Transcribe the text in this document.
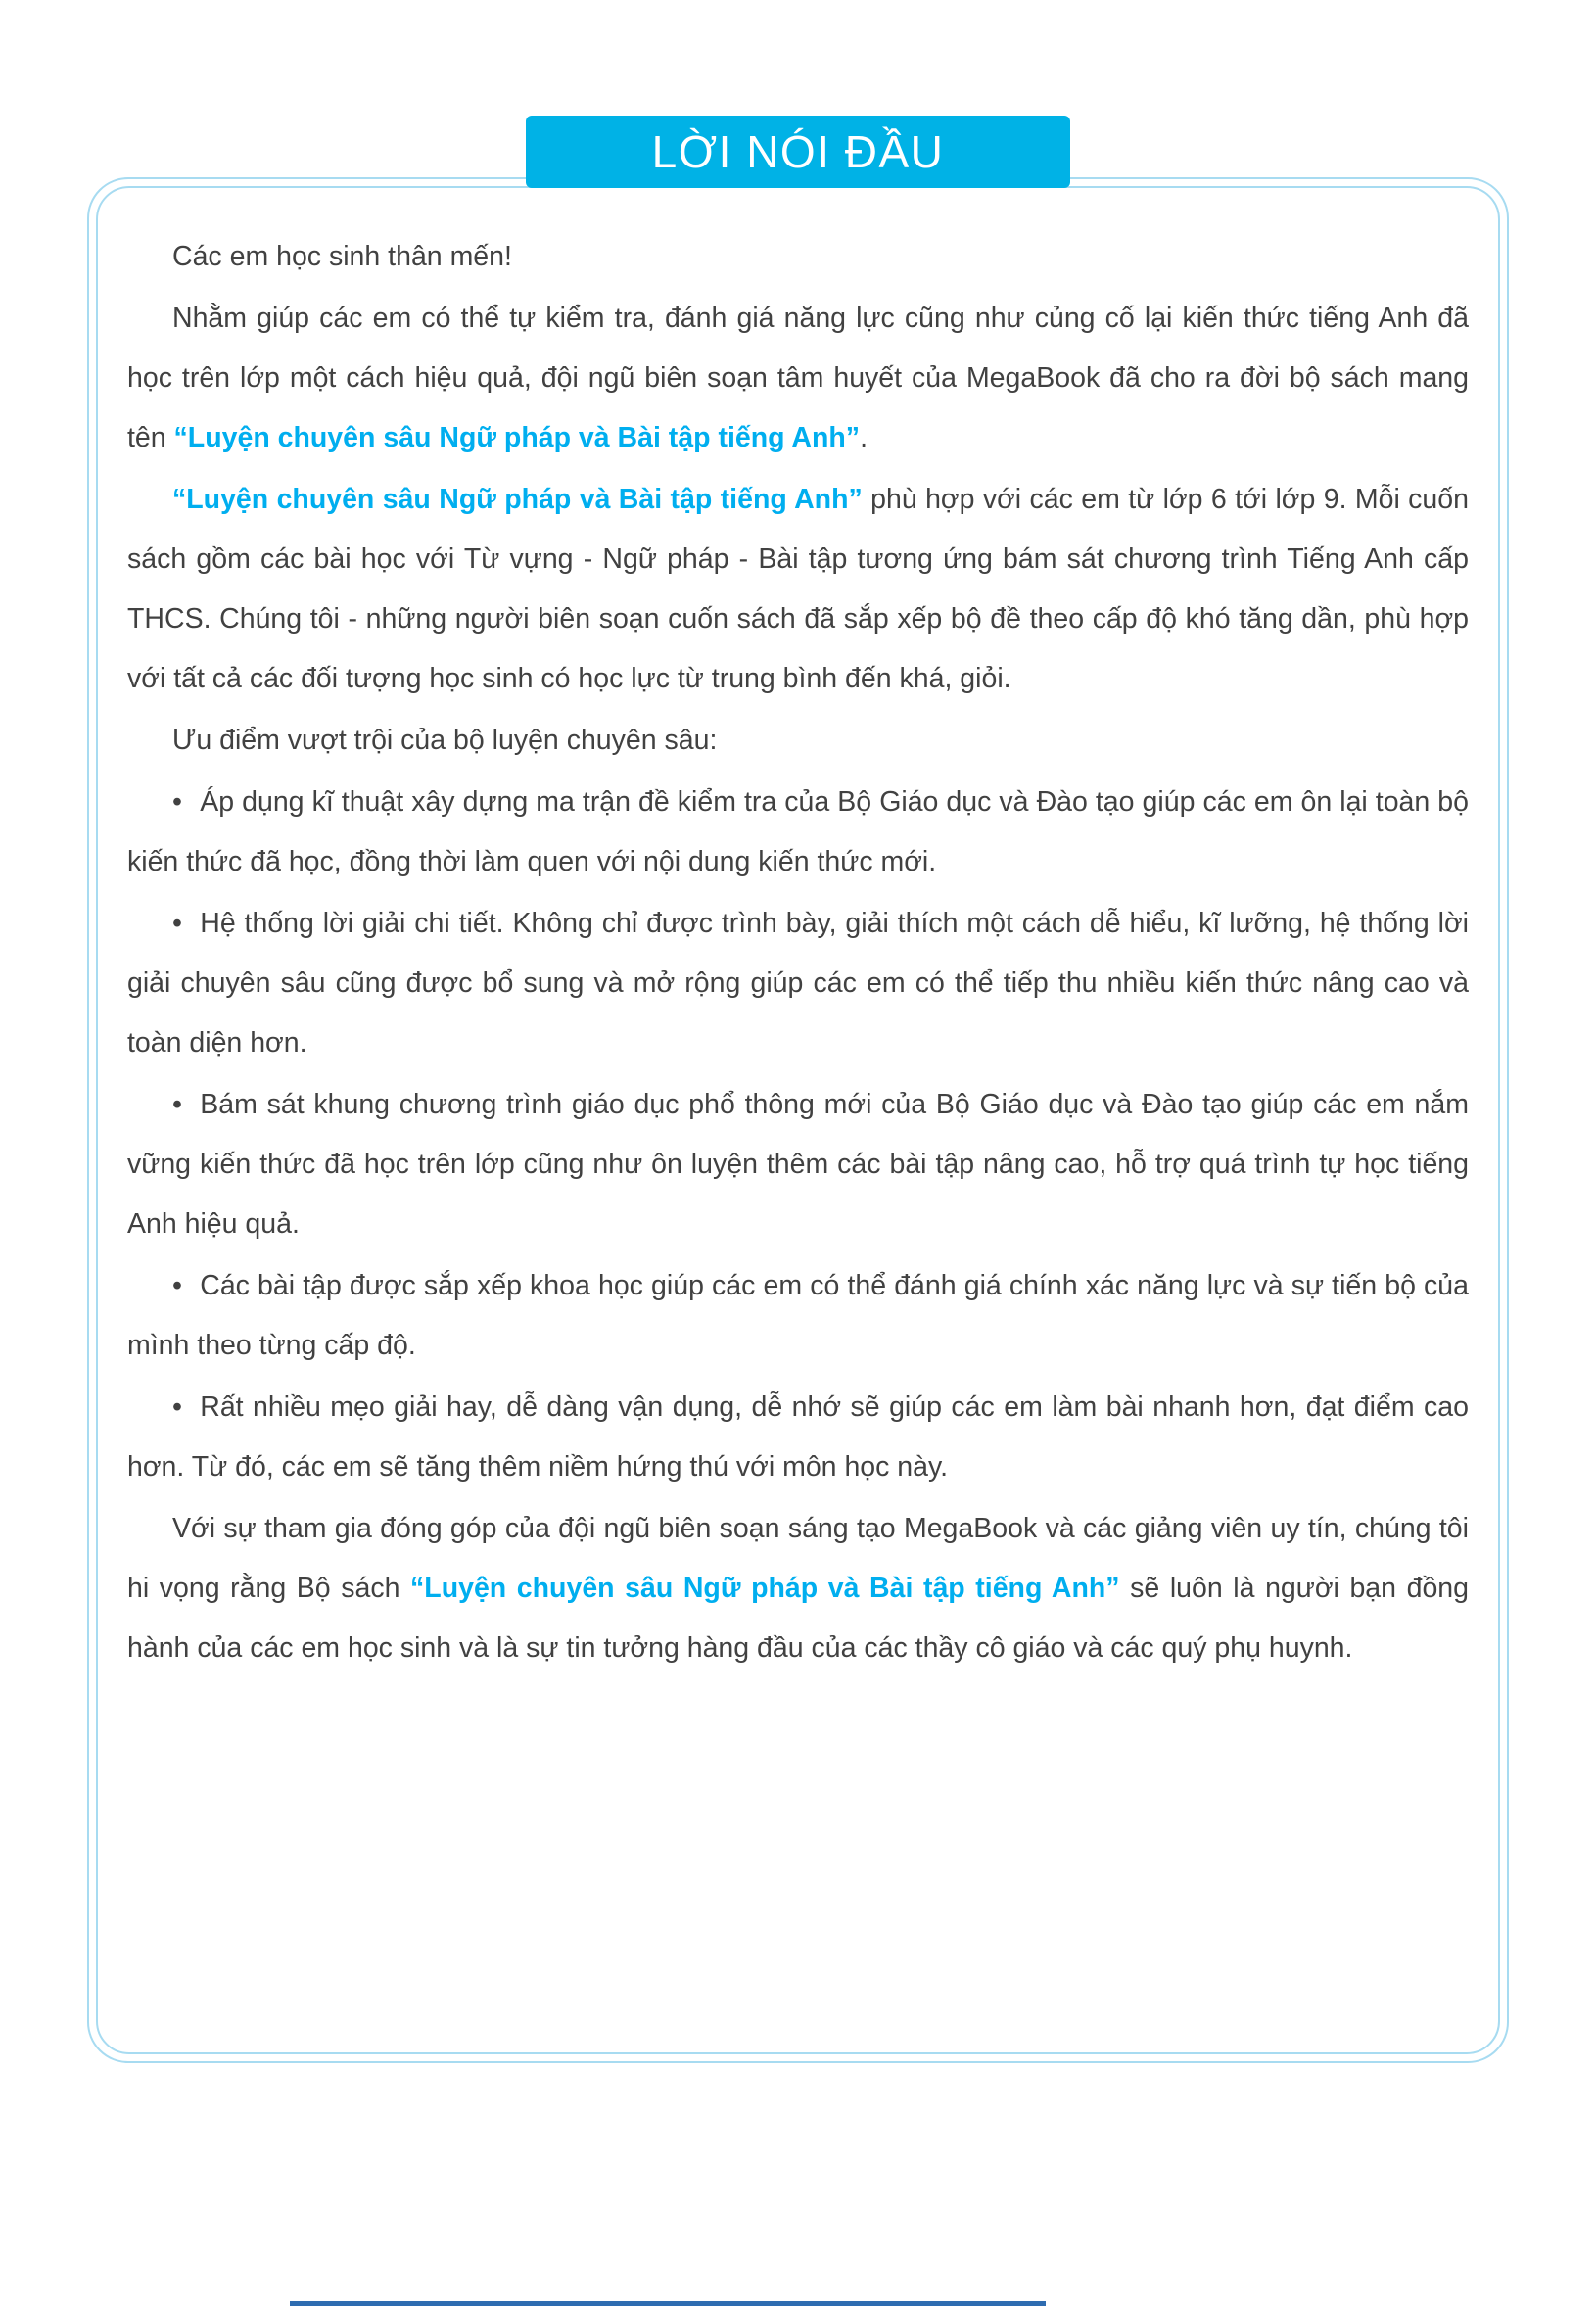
LỜI NÓI ĐẦU

Các em học sinh thân mến!

Nhằm giúp các em có thể tự kiểm tra, đánh giá năng lực cũng như củng cố lại kiến thức tiếng Anh đã học trên lớp một cách hiệu quả, đội ngũ biên soạn tâm huyết của MegaBook đã cho ra đời bộ sách mang tên “Luyện chuyên sâu Ngữ pháp và Bài tập tiếng Anh”.

“Luyện chuyên sâu Ngữ pháp và Bài tập tiếng Anh” phù hợp với các em từ lớp 6 tới lớp 9. Mỗi cuốn sách gồm các bài học với Từ vựng - Ngữ pháp - Bài tập tương ứng bám sát chương trình Tiếng Anh cấp THCS. Chúng tôi - những người biên soạn cuốn sách đã sắp xếp bộ đề theo cấp độ khó tăng dần, phù hợp với tất cả các đối tượng học sinh có học lực từ trung bình đến khá, giỏi.

Ưu điểm vượt trội của bộ luyện chuyên sâu:

• Áp dụng kĩ thuật xây dựng ma trận đề kiểm tra của Bộ Giáo dục và Đào tạo giúp các em ôn lại toàn bộ kiến thức đã học, đồng thời làm quen với nội dung kiến thức mới.

• Hệ thống lời giải chi tiết. Không chỉ được trình bày, giải thích một cách dễ hiểu, kĩ lưỡng, hệ thống lời giải chuyên sâu cũng được bổ sung và mở rộng giúp các em có thể tiếp thu nhiều kiến thức nâng cao và toàn diện hơn.

• Bám sát khung chương trình giáo dục phổ thông mới của Bộ Giáo dục và Đào tạo giúp các em nắm vững kiến thức đã học trên lớp cũng như ôn luyện thêm các bài tập nâng cao, hỗ trợ quá trình tự học tiếng Anh hiệu quả.

• Các bài tập được sắp xếp khoa học giúp các em có thể đánh giá chính xác năng lực và sự tiến bộ của mình theo từng cấp độ.

• Rất nhiều mẹo giải hay, dễ dàng vận dụng, dễ nhớ sẽ giúp các em làm bài nhanh hơn, đạt điểm cao hơn. Từ đó, các em sẽ tăng thêm niềm hứng thú với môn học này.

Với sự tham gia đóng góp của đội ngũ biên soạn sáng tạo MegaBook và các giảng viên uy tín, chúng tôi hi vọng rằng Bộ sách “Luyện chuyên sâu Ngữ pháp và Bài tập tiếng Anh” sẽ luôn là người bạn đồng hành của các em học sinh và là sự tin tưởng hàng đầu của các thầy cô giáo và các quý phụ huynh.
